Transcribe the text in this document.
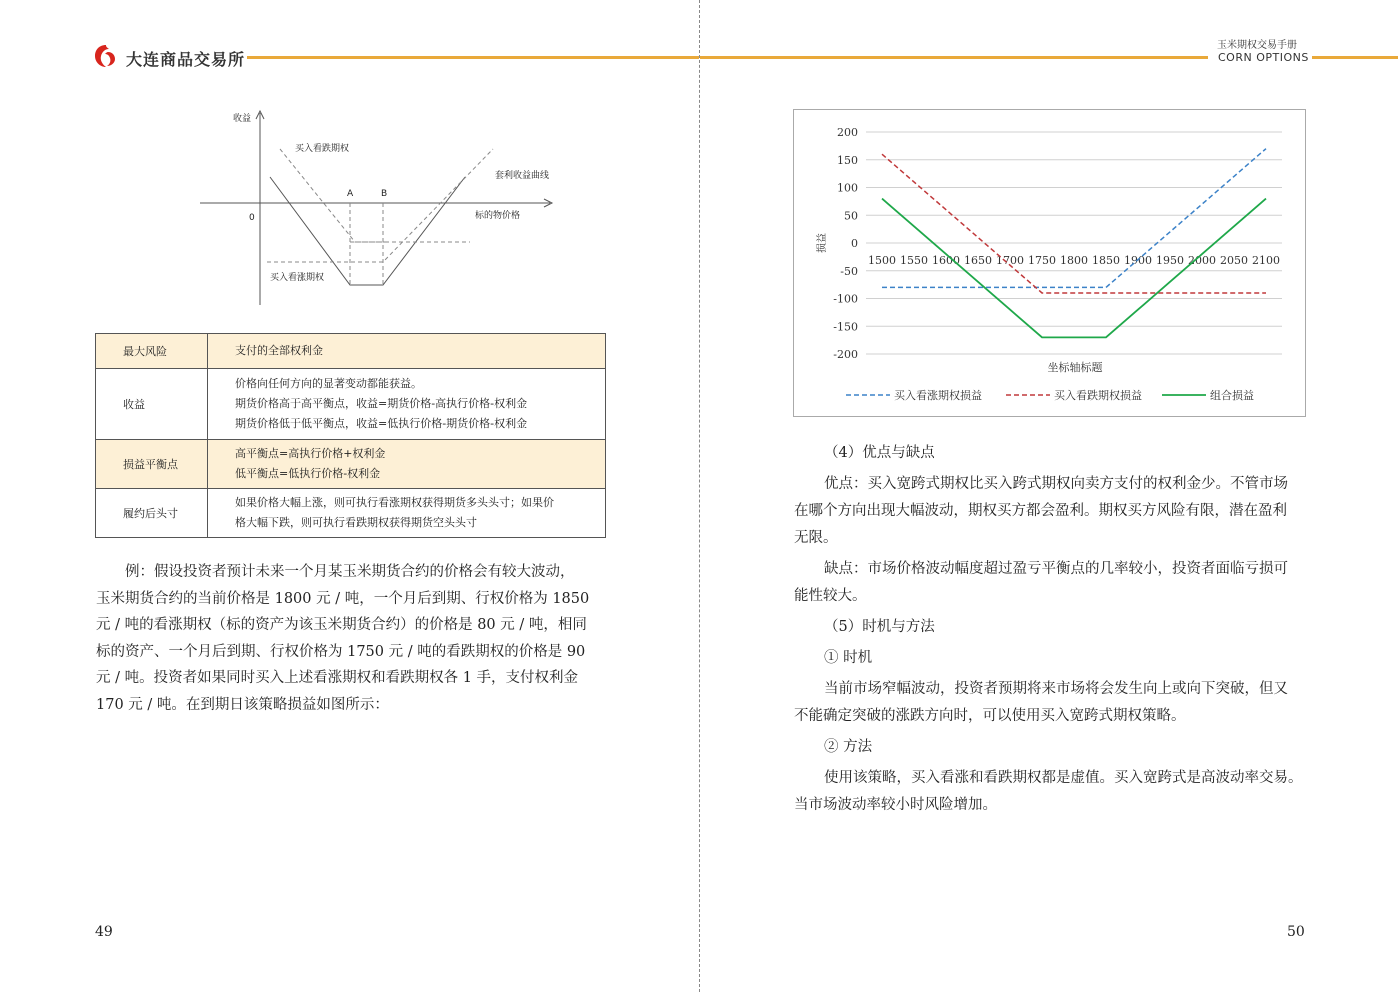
大连商品交易所
玉米期权交易手册
CORN OPTIONS
收益
0
买入看跌期权
套利收益曲线
A	B
标的物价格
买入看涨期权
最大风险	支付的全部权利金

收益	价格向任何方向的显著变动都能获益。
期货价格高于高平衡点，收益=期货价格-高执行价格-权利金
期货价格低于低平衡点，收益=低执行价格-期货价格-权利金

损益平衡点	高平衡点=高执行价格+权利金
低平衡点=低执行价格-权利金

履约后头寸	如果价格大幅上涨，则可执行看涨期权获得期货多头头寸；如果价
格大幅下跌，则可执行看跌期权获得期货空头头寸
例：假设投资者预计未来一个月某玉米期货合约的价格会有较大波动，
玉米期货合约的当前价格是 1800 元 / 吨，一个月后到期、行权价格为 1850
元 / 吨的看涨期权（标的资产为该玉米期货合约）的价格是 80 元 / 吨，相同
标的资产、一个月后到期、行权价格为 1750 元 / 吨的看跌期权的价格是 90
元 / 吨。投资者如果同时买入上述看涨期权和看跌期权各 1 手，支付权利金
170 元 / 吨。在到期日该策略损益如图所示：
49	50
200
150
100
50
0
-50
-100
-150
-200
1500 1550 1600 1650 1700 1750 1800 1850 1900 1950 2000 2050 2100
损益
坐标轴标题
买入看涨期权损益	买入看跌期权损益	组合损益
（4）优点与缺点
优点：买入宽跨式期权比买入跨式期权向卖方支付的权利金少。不管市场
在哪个方向出现大幅波动，期权买方都会盈利。期权买方风险有限，潜在盈利
无限。
缺点：市场价格波动幅度超过盈亏平衡点的几率较小，投资者面临亏损可
能性较大。
（5）时机与方法
① 时机
当前市场窄幅波动，投资者预期将来市场将会发生向上或向下突破，但又
不能确定突破的涨跌方向时，可以使用买入宽跨式期权策略。
② 方法
使用该策略，买入看涨和看跌期权都是虚值。买入宽跨式是高波动率交易。
当市场波动率较小时风险增加。
